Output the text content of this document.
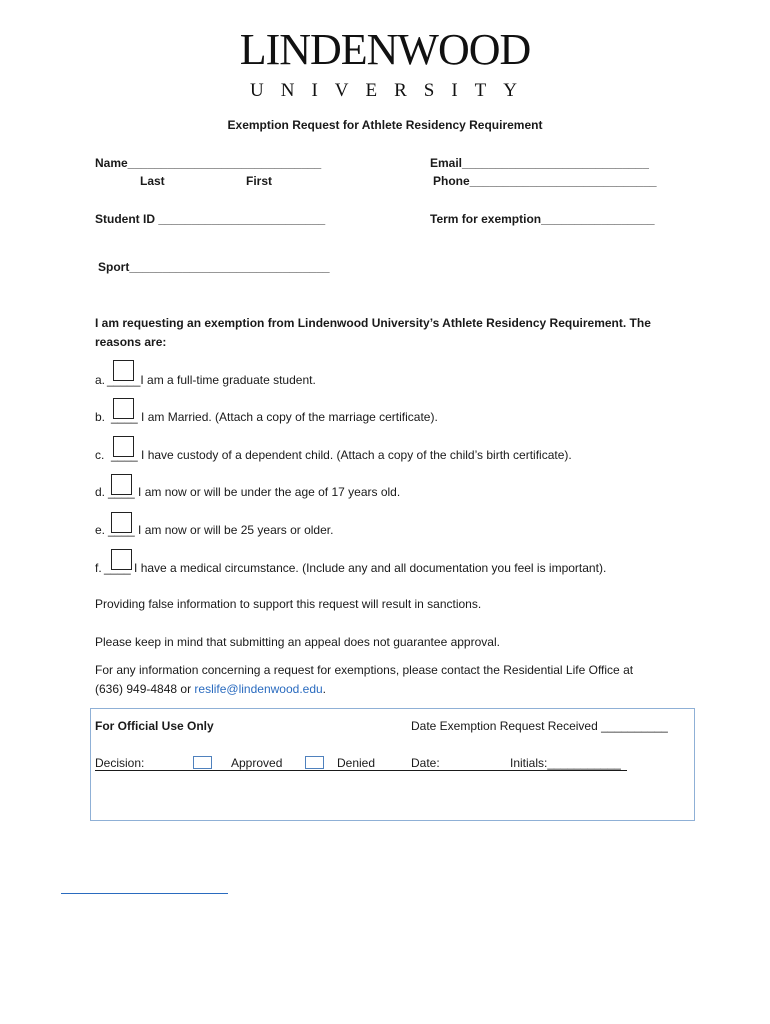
LINDENWOOD
UNIVERSITY
Exemption Request for Athlete Residency Requirement
Name_____________________________
Last	First
Email____________________________
Phone____________________________
Student ID _________________________	Term for exemption_________________
Sport______________________________
I am requesting an exemption from Lindenwood University’s Athlete Residency Requirement. The
reasons are:
a. _____I am a full-time graduate student.
b. ____ I am Married. (Attach a copy of the marriage certificate).
c. ____ I have custody of a dependent child. (Attach a copy of the child’s birth certificate).
d. ____ I am now or will be under the age of 17 years old.
e. ____ I am now or will be 25 years or older.
f. ____ I have a medical circumstance. (Include any and all documentation you feel is important).
Providing false information to support this request will result in sanctions.
Please keep in mind that submitting an appeal does not guarantee approval.
For any information concerning a request for exemptions, please contact the Residential Life Office at
(636) 949-4848 or reslife@lindenwood.edu.
For Official Use Only	Date Exemption Request Received __________
Decision:	Approved	Denied	Date:	Initials:___________
